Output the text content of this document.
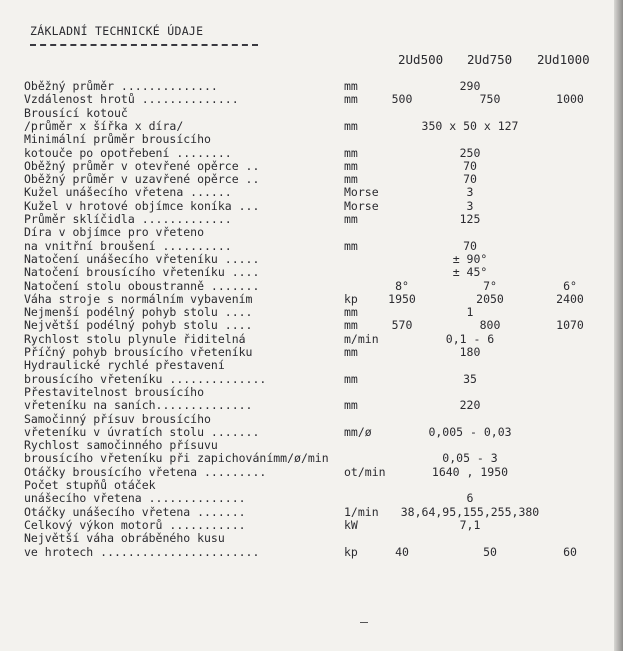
ZÁKLADNÍ TECHNICKÉ ÚDAJE
2Ud500 2Ud750 2Ud1000
Oběžný průměr ..............	mm	290
Vzdálenost hrotů ..............	mm	500	750	1000
Brousící kotouč
/průměr x šířka x díra/	mm	350 x 50 x 127
Minimální průměr brousícího
kotouče po opotřebení ........	mm	250
Oběžný průměr v otevřené opěrce ..	mm	70
Oběžný průměr v uzavřené opěrce ..	mm	70
Kužel unášecího vřetena ......	Morse	3
Kužel v hrotové objímce koníka ...	Morse	3
Průměr sklíčidla .............	mm	125
Díra v objímce pro vřeteno
na vnitřní broušení ..........	mm	70
Natočení unášecího vřeteníku .....	± 90°
Natočení brousícího vřeteníku ....	± 45°
Natočení stolu oboustranně .......	8°	7°	6°
Váha stroje s normálním vybavením	kp	1950	2050	2400
Nejmenší podélný pohyb stolu ....	mm	1
Největší podélný pohyb stolu ....	mm	570	800	1070
Rychlost stolu plynule řiditelná	m/min	0,1 - 6
Příčný pohyb brousícího vřeteníku	mm	180
Hydraulické rychlé přestavení
brousícího vřeteníku ..............	mm	35
Přestavitelnost brousícího
vřeteníku na saních..............	mm	220
Samočinný přísuv brousícího
vřeteníku v úvratích stolu .......	mm/ø	0,005 - 0,03
Rychlost samočinného přísuvu
brousícího vřeteníku při zapichovánímm/ø/min	0,05 - 3
Otáčky brousícího vřetena .........	ot/min	1640 , 1950
Počet stupňů otáček
unášecího vřetena ..............	6
Otáčky unášecího vřetena .......	1/min	38,64,95,155,255,380
Celkový výkon motorů ...........	kW	7,1
Největší váha obráběného kusu
ve hrotech .......................	kp	40	50	60
